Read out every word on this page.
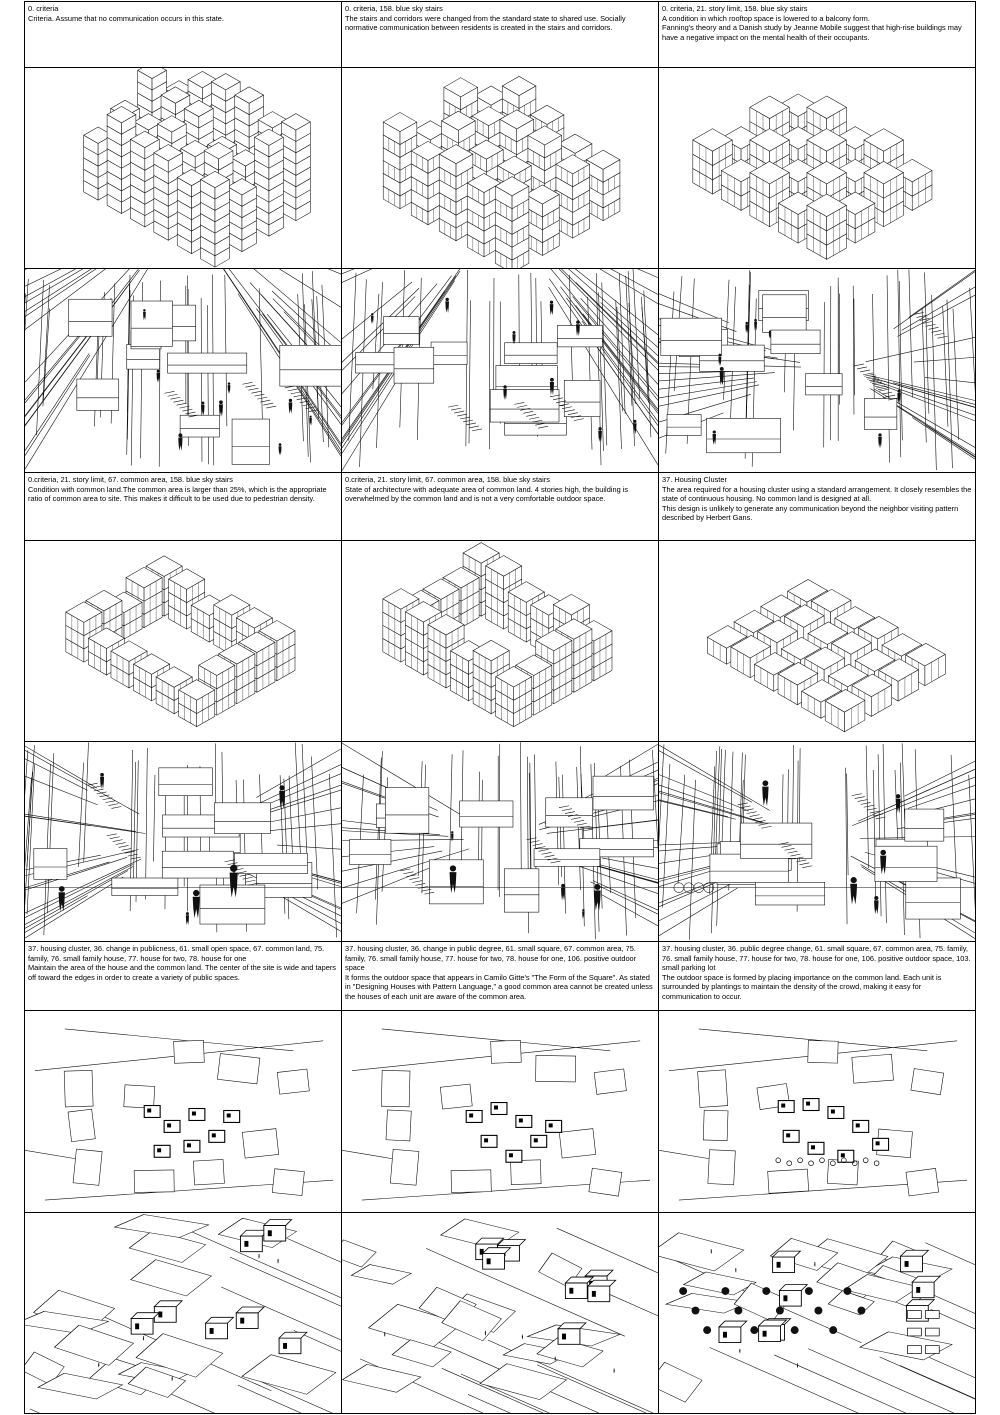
0. criteria
Criteria. Assume that no communication occurs in this state.
0. criteria, 158. blue sky stairs
The stairs and corridors were changed from the standard state to shared use. Socially normative communication between residents is created in the stairs and corridors.
0. criteria, 21. story limit, 158. blue sky stairs
A condition in which rooftop space is lowered to a balcony form.
Fanning's theory and a Danish study by Jeanne Mobile suggest that high-rise buildings may have a negative impact on the mental health of their occupants.
0.criteria, 21. story limit, 67. common area, 158. blue sky stairs
Condition with common land.The common area is larger than 25%, which is the appropriate ratio of common area to site. This makes it difficult to be used due to pedestrian density.
0.criteria, 21. story limit, 67. common area, 158. blue sky stairs
State of architecture with adequate area of common land. 4 stories high, the building is overwhelmed by the common land and is not a very comfortable outdoor space.
37. Housing Cluster
The area required for a housing cluster using a standard arrangement. It closely resembles the state of continuous housing. No common land is designed at all.
This design is unlikely to generate any communication beyond the neighbor visiting pattern described by Herbert Gans.
37. housing cluster, 36. change in publicness, 61. small open space, 67. common land, 75. family, 76. small family house, 77. house for two, 78. house for one
Maintain the area of the house and the common land. The center of the site is wide and tapers off toward the edges in order to create a variety of public spaces.
37. housing cluster, 36. change in public degree, 61. small square, 67. common area, 75. family, 76. small family house, 77. house for two, 78. house for one, 106. positive outdoor space
It forms the outdoor space that appears in Camilo Gitte's "The Form of the Square". As stated in "Designing Houses with Pattern Language," a good common area cannot be created unless the houses of each unit are aware of the common area.
37. housing cluster, 36. public degree change, 61. small square, 67. common area, 75. family, 76. small family house, 77. house for two, 78. house for one, 106. positive outdoor space, 103. small parking lot
The outdoor space is formed by placing importance on the common land. Each unit is surrounded by plantings to maintain the density of the crowd, making it easy for communication to occur.
